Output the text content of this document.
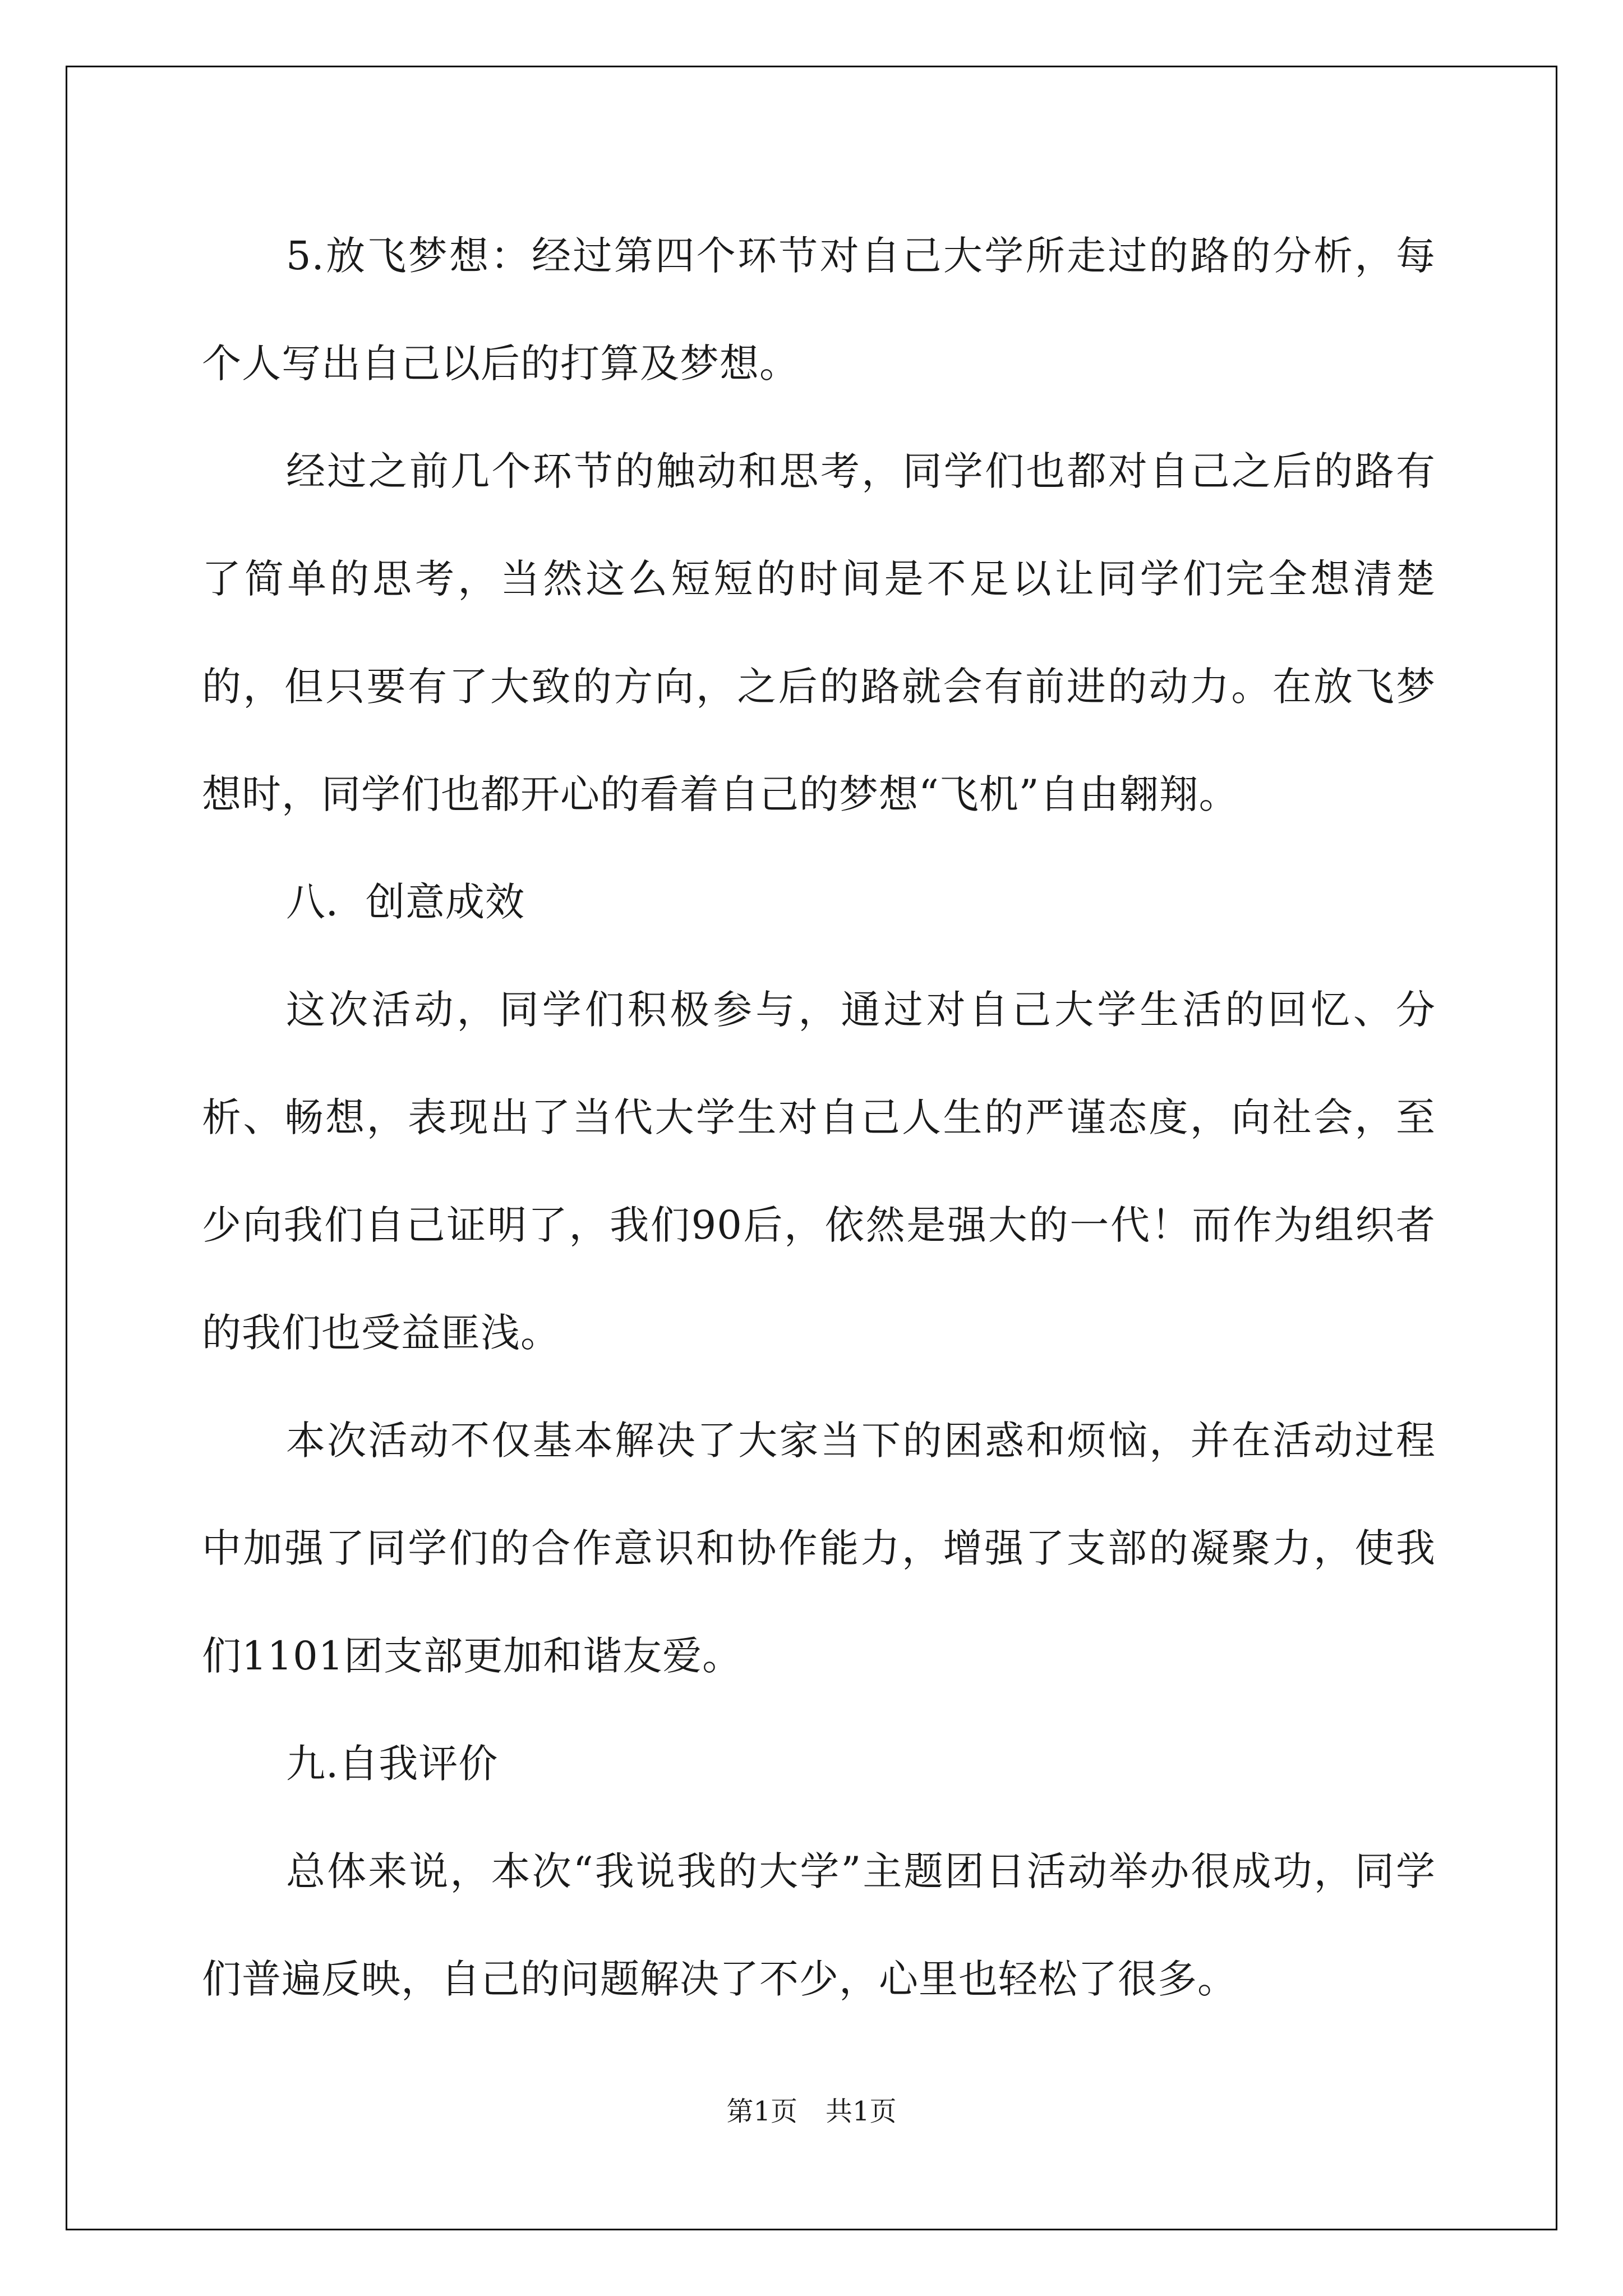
5.放飞梦想：经过第四个环节对自己大学所走过的路的分析，每个人写出自己以后的打算及梦想。

经过之前几个环节的触动和思考，同学们也都对自己之后的路有了简单的思考，当然这么短短的时间是不足以让同学们完全想清楚的，但只要有了大致的方向，之后的路就会有前进的动力。在放飞梦想时，同学们也都开心的看着自己的梦想“飞机”自由翱翔。

八．创意成效

这次活动，同学们积极参与，通过对自己大学生活的回忆、分析、畅想，表现出了当代大学生对自己人生的严谨态度，向社会，至少向我们自己证明了，我们90后，依然是强大的一代！而作为组织者的我们也受益匪浅。

本次活动不仅基本解决了大家当下的困惑和烦恼，并在活动过程中加强了同学们的合作意识和协作能力，增强了支部的凝聚力，使我们1101团支部更加和谐友爱。

九.自我评价

总体来说，本次“我说我的大学”主题团日活动举办很成功，同学们普遍反映，自己的问题解决了不少，心里也轻松了很多。

第1页 共1页
